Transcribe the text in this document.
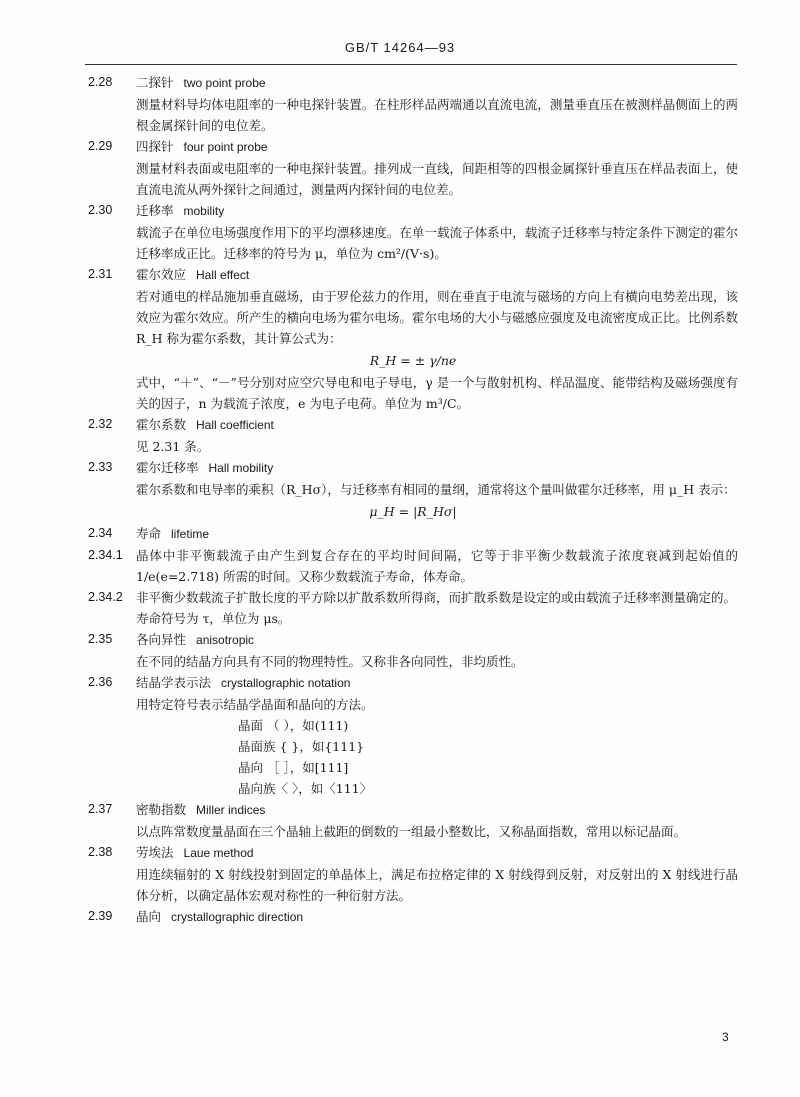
GB/T 14264—93
2.28	二探针 two point probe
测量材料导均体电阻率的一种电探针装置。在柱形样品两端通以直流电流，测量垂直压在被测样晶侧面上的两根金属探针间的电位差。
2.29	四探针 four point probe
测量材料表面或电阻率的一种电探针装置。排列成一直线，间距相等的四根金属探针垂直压在样品表面上，使直流电流从两外探针之间通过，测量两内探针间的电位差。
2.30	迁移率 mobility
载流子在单位电场强度作用下的平均漂移速度。在单一载流子体系中，载流子迁移率与特定条件下测定的霍尔迁移率成正比。迁移率的符号为 μ，单位为 cm²/(V·s)。
2.31	霍尔效应 Hall effect
若对通电的样品施加垂直磁场，由于罗伦兹力的作用，则在垂直于电流与磁场的方向上有横向电势差出现，该效应为霍尔效应。所产生的横向电场为霍尔电场。霍尔电场的大小与磁感应强度及电流密度成正比。比例系数 R_H 称为霍尔系数，其计算公式为：
R_H = ± γ/ne
式中，“＋”、“－”号分别对应空穴导电和电子导电，γ 是一个与散射机构、样品温度、能带结构及磁场强度有关的因子，n 为载流子浓度，e 为电子电荷。单位为 m³/C。
2.32	霍尔系数 Hall coefficient
见 2.31 条。
2.33	霍尔迁移率 Hall mobility
霍尔系数和电导率的乘积（R_Hσ），与迁移率有相同的量纲，通常将这个量叫做霍尔迁移率，用 μ_H 表示：
μ_H = |R_Hσ|
2.34	寿命 lifetime
2.34.1	晶体中非平衡载流子由产生到复合存在的平均时间间隔，它等于非平衡少数载流子浓度衰减到起始值的 1/e(e=2.718) 所需的时间。又称少数载流子寿命，体寿命。
2.34.2	非平衡少数载流子扩散长度的平方除以扩散系数所得商，而扩散系数是设定的或由载流子迁移率测量确定的。
寿命符号为 τ，单位为 μs。
2.35	各向异性 anisotropic
在不同的结晶方向具有不同的物理特性。又称非各向同性，非均质性。
2.36	结晶学表示法 crystallographic notation
用特定符号表示结晶学晶面和晶向的方法。
晶面 （ ），如(111)
晶面族 { }，如{111}
晶向 ［ ］，如[111]
晶向族〈 〉，如〈111〉
2.37	密勒指数 Miller indices
以点阵常数度量晶面在三个晶轴上截距的倒数的一组最小整数比，又称晶面指数，常用以标记晶面。
2.38	劳埃法 Laue method
用连续辐射的 X 射线投射到固定的单晶体上，满足布拉格定律的 X 射线得到反射，对反射出的 X 射线进行晶体分析，以确定晶体宏观对称性的一种衍射方法。
2.39	晶向 crystallographic direction
3
